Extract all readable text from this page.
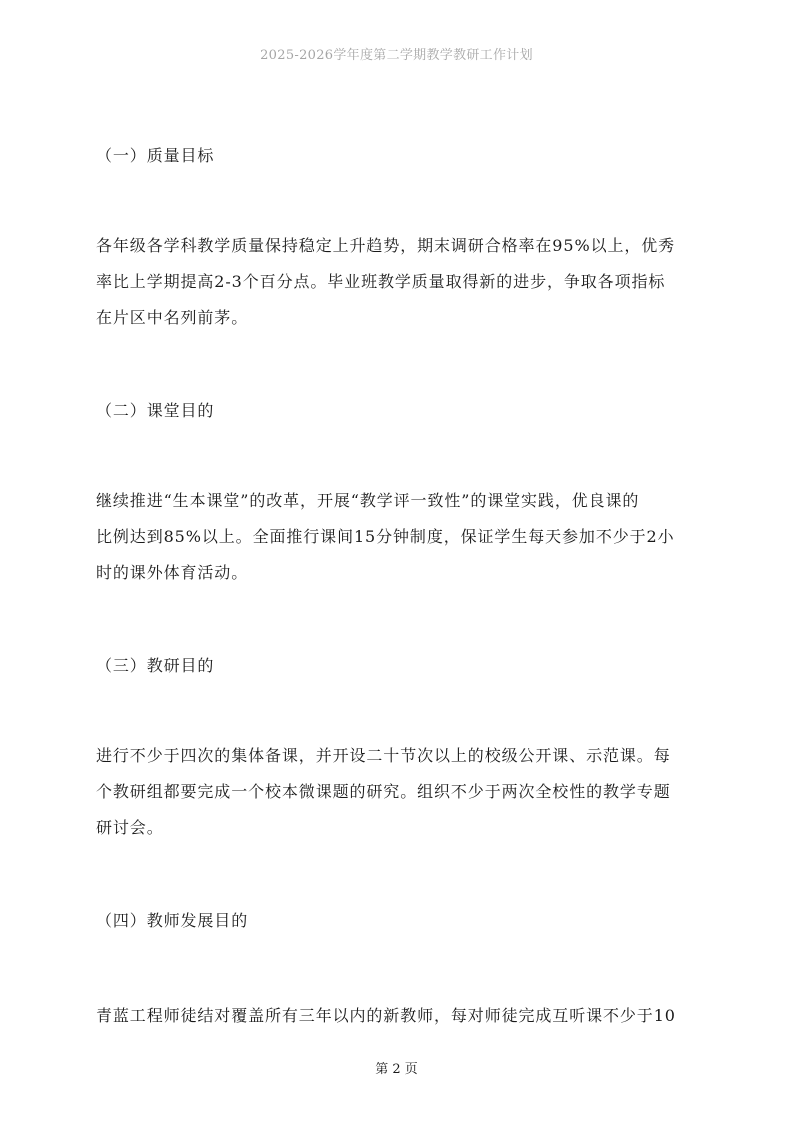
2025-2026学年度第二学期教学教研工作计划
（一）质量目标
各年级各学科教学质量保持稳定上升趋势，期末调研合格率在95%以上，优秀
率比上学期提高2-3个百分点。毕业班教学质量取得新的进步，争取各项指标
在片区中名列前茅。
（二）课堂目的
继续推进“生本课堂”的改革，开展“教学评一致性”的课堂实践，优良课的
比例达到85%以上。全面推行课间15分钟制度，保证学生每天参加不少于2小
时的课外体育活动。
（三）教研目的
进行不少于四次的集体备课，并开设二十节次以上的校级公开课、示范课。每
个教研组都要完成一个校本微课题的研究。组织不少于两次全校性的教学专题
研讨会。
（四）教师发展目的
青蓝工程师徒结对覆盖所有三年以内的新教师，每对师徒完成互听课不少于10
第 2 页
